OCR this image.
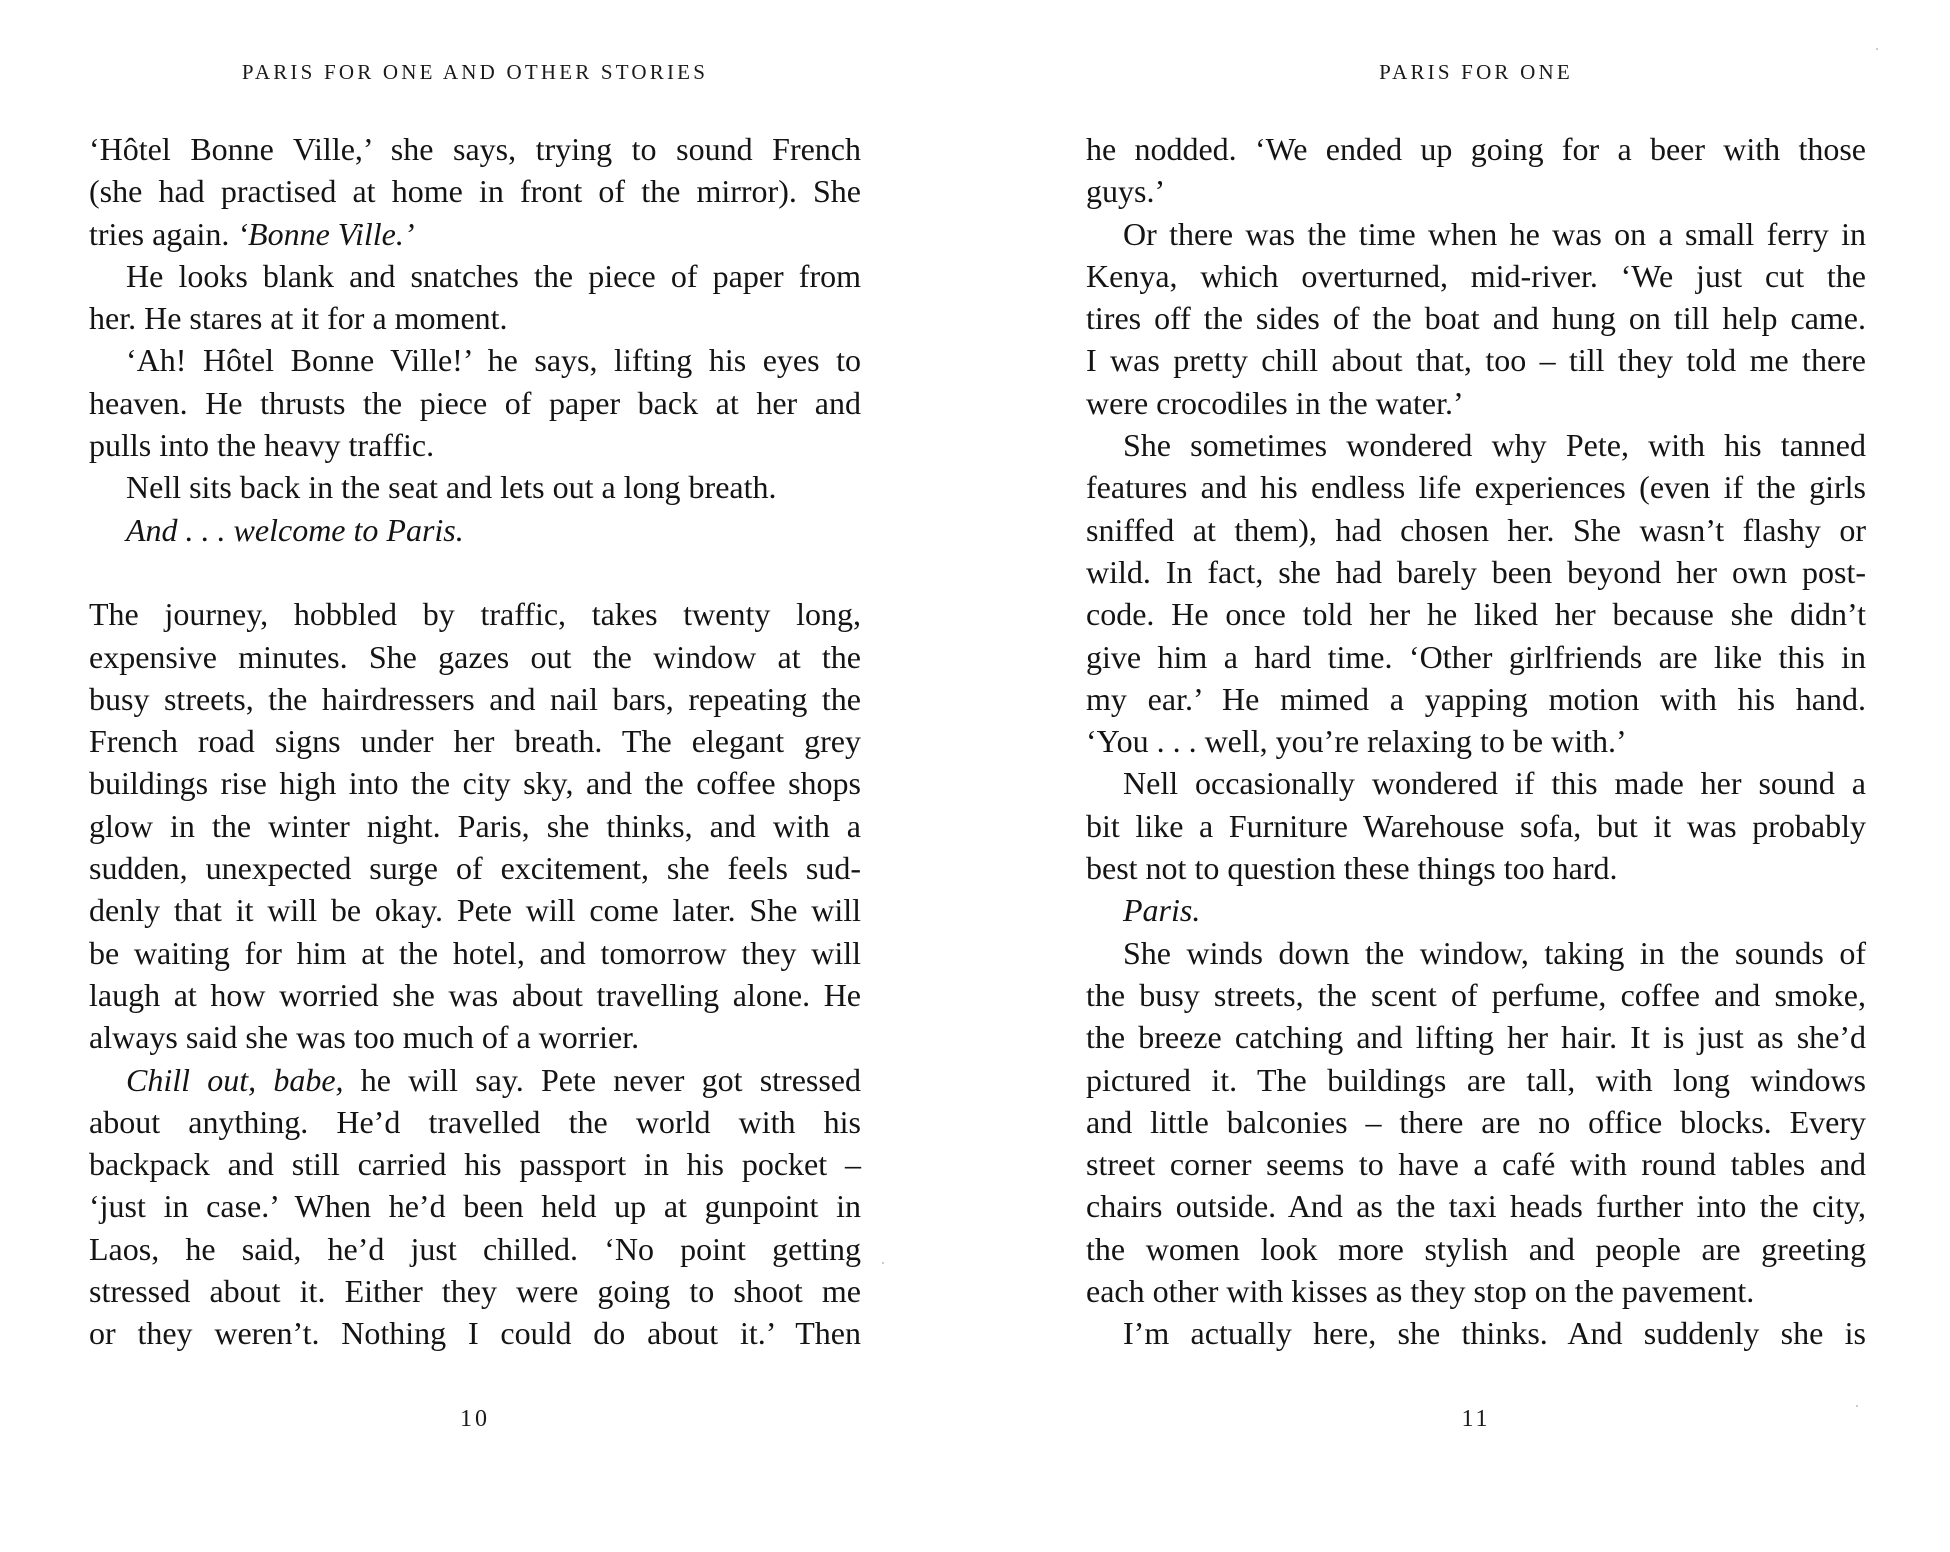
PARIS FOR ONE AND OTHER STORIES
‘Hôtel Bonne Ville,’ she says, trying to sound French
(she had practised at home in front of the mirror). She
tries again. ‘Bonne Ville.’
He looks blank and snatches the piece of paper from
her. He stares at it for a moment.
‘Ah! Hôtel Bonne Ville!’ he says, lifting his eyes to
heaven. He thrusts the piece of paper back at her and
pulls into the heavy traffic.
Nell sits back in the seat and lets out a long breath.
And . . . welcome to Paris.
The journey, hobbled by traffic, takes twenty long,
expensive minutes. She gazes out the window at the
busy streets, the hairdressers and nail bars, repeating the
French road signs under her breath. The elegant grey
buildings rise high into the city sky, and the coffee shops
glow in the winter night. Paris, she thinks, and with a
sudden, unexpected surge of excitement, she feels sud-
denly that it will be okay. Pete will come later. She will
be waiting for him at the hotel, and tomorrow they will
laugh at how worried she was about travelling alone. He
always said she was too much of a worrier.
Chill out, babe, he will say. Pete never got stressed
about anything. He’d travelled the world with his
backpack and still carried his passport in his pocket –
‘just in case.’ When he’d been held up at gunpoint in
Laos, he said, he’d just chilled. ‘No point getting
stressed about it. Either they were going to shoot me
or they weren’t. Nothing I could do about it.’ Then
10
PARIS FOR ONE
he nodded. ‘We ended up going for a beer with those
guys.’
Or there was the time when he was on a small ferry in
Kenya, which overturned, mid-river. ‘We just cut the
tires off the sides of the boat and hung on till help came.
I was pretty chill about that, too – till they told me there
were crocodiles in the water.’
She sometimes wondered why Pete, with his tanned
features and his endless life experiences (even if the girls
sniffed at them), had chosen her. She wasn’t flashy or
wild. In fact, she had barely been beyond her own post-
code. He once told her he liked her because she didn’t
give him a hard time. ‘Other girlfriends are like this in
my ear.’ He mimed a yapping motion with his hand.
‘You . . . well, you’re relaxing to be with.’
Nell occasionally wondered if this made her sound a
bit like a Furniture Warehouse sofa, but it was probably
best not to question these things too hard.
Paris.
She winds down the window, taking in the sounds of
the busy streets, the scent of perfume, coffee and smoke,
the breeze catching and lifting her hair. It is just as she’d
pictured it. The buildings are tall, with long windows
and little balconies – there are no office blocks. Every
street corner seems to have a café with round tables and
chairs outside. And as the taxi heads further into the city,
the women look more stylish and people are greeting
each other with kisses as they stop on the pavement.
I’m actually here, she thinks. And suddenly she is
11
